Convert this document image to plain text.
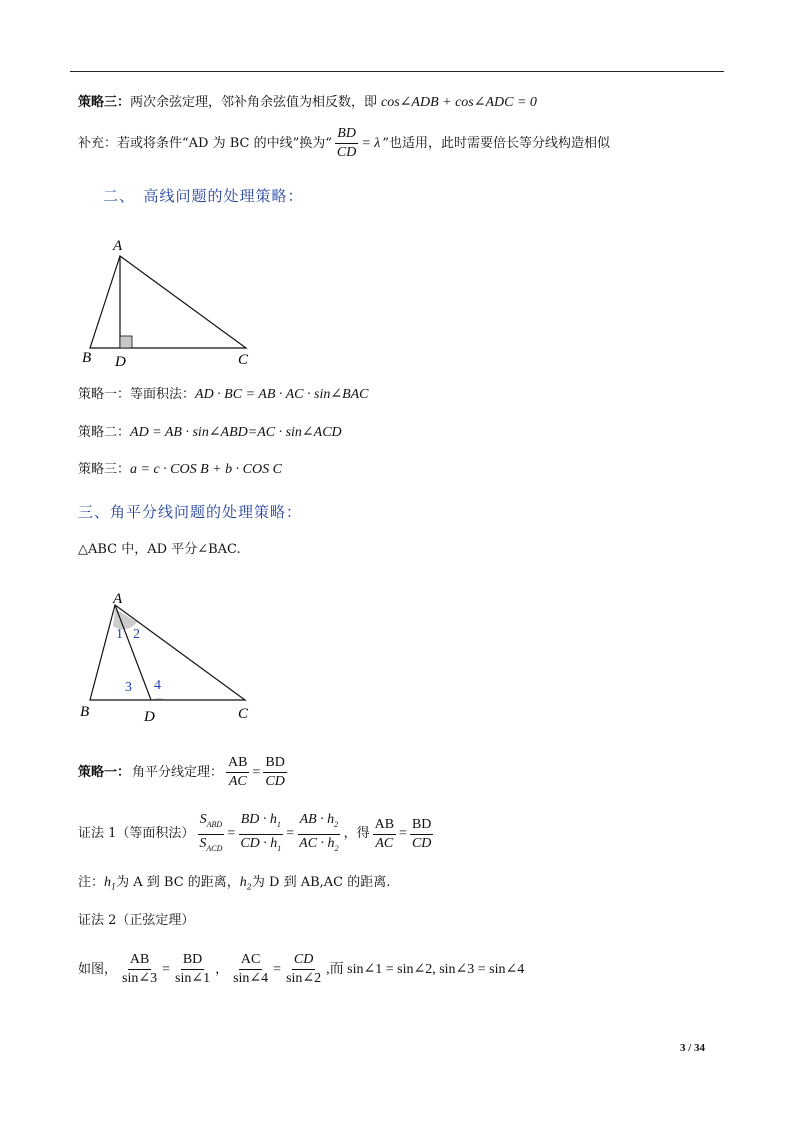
策略三：两次余弦定理，邻补角余弦值为相反数，即 cos∠ADB + cos∠ADC = 0
补充：若或将条件“AD 为 BC 的中线”换为“ $\frac{BD}{CD} = \lambda$ ”也适用，此时需要倍长等分线构造相似
二、　高线问题的处理策略：
A
B D	C
策略一：等面积法：AD · BC = AB · AC · sin∠BAC
策略二：AD = AB · sin∠ABD=AC · sin∠ACD
策略三：a = c · COS B + b · COS C
三、角平分线问题的处理策略：
△ABC 中，AD 平分∠BAC.
A
B	D	C
1 2
3 4
策略一： 角平分线定理： $\frac{AB}{AC} = \frac{BD}{CD}$
证法 1（等面积法） $\frac{S_{ABD}}{S_{ACD}} = \frac{BD \cdot h_1}{CD \cdot h_1} = \frac{AB \cdot h_2}{AC \cdot h_2}$ ，得 $\frac{AB}{AC} = \frac{BD}{CD}$
注：$h_1$为 A 到 BC 的距离，$h_2$为 D 到 AB,AC 的距离.
证法 2（正弦定理）
如图， $\frac{AB}{\sin\angle 3} = \frac{BD}{\sin\angle 1}$ ， $\frac{AC}{\sin\angle 4} = \frac{CD}{\sin\angle 2}$ ,而 sin∠1 = sin∠2, sin∠3 = sin∠4
3 / 34
